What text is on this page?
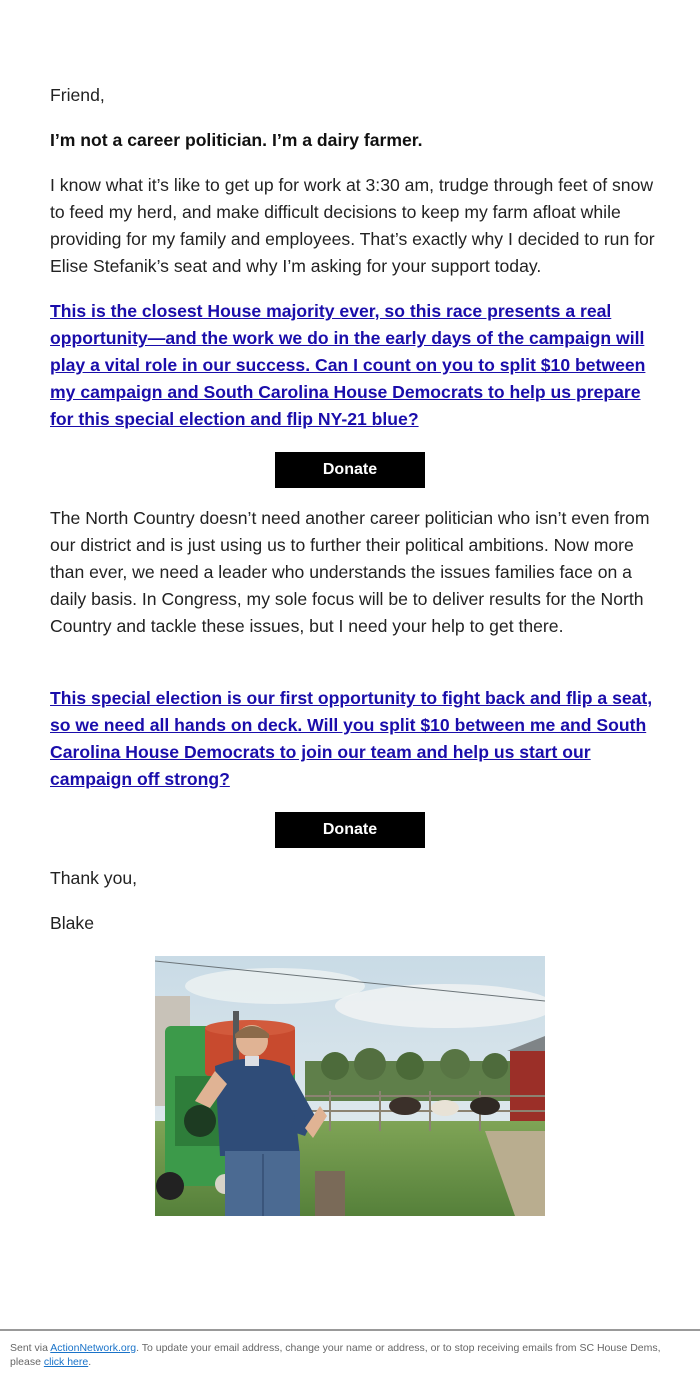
Friend,

I’m not a career politician. I’m a dairy farmer.

I know what it’s like to get up for work at 3:30 am, trudge through feet of snow to feed my herd, and make difficult decisions to keep my farm afloat while providing for my family and employees. That’s exactly why I decided to run for Elise Stefanik’s seat and why I’m asking for your support today.

This is the closest House majority ever, so this race presents a real opportunity—and the work we do in the early days of the campaign will play a vital role in our success. Can I count on you to split $10 between my campaign and South Carolina House Democrats to help us prepare for this special election and flip NY-21 blue?

Donate

The North Country doesn’t need another career politician who isn’t even from our district and is just using us to further their political ambitions. Now more than ever, we need a leader who understands the issues families face on a daily basis. In Congress, my sole focus will be to deliver results for the North Country and tackle these issues, but I need your help to get there.

This special election is our first opportunity to fight back and flip a seat, so we need all hands on deck. Will you split $10 between me and South Carolina House Democrats to join our team and help us start our campaign off strong?

Donate

Thank you,

Blake

Sent via ActionNetwork.org. To update your email address, change your name or address, or to stop receiving emails from SC House Dems, please click here.
